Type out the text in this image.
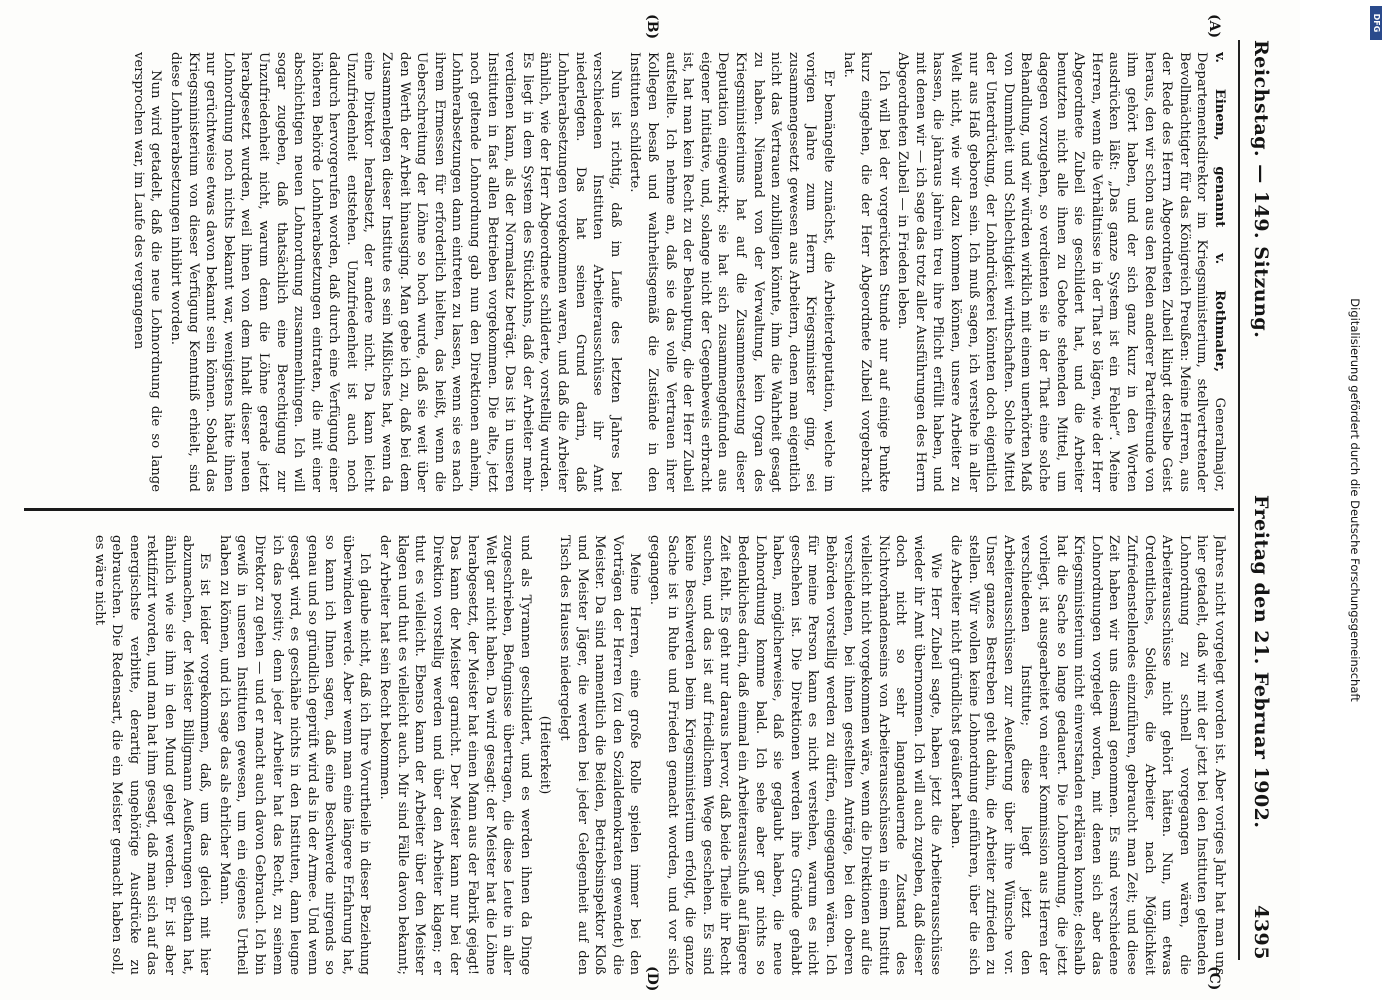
Reichstag. — 149. Sitzung.
Freitag den 21. Februar 1902.
4395
(A)
(B)
(C)
(D)

v. Einem, genannt v. Rothmaler, Generalmajor, Departementsdirektor im Kriegsministerium, stellvertretender Bevollmächtigter für das Königreich Preußen: Meine Herren, aus der Rede des Herrn Abgeordneten Zubeil klingt derselbe Geist heraus, den wir schon aus den Reden anderer Parteifreunde von ihm gehört haben, und der sich ganz kurz in den Worten ausdrücken läßt: „Das ganze System ist ein Fehler“. Meine Herren, wenn die Verhältnisse in der That so lägen, wie der Herr Abgeordnete Zubeil sie geschildert hat, und die Arbeiter benutzten nicht alle ihnen zu Gebote stehenden Mittel, um dagegen vorzugehen, so verdienten sie in der That eine solche Behandlung, und wir würden wirklich mit einem unerhörten Maß von Dummheit und Schlechtigkeit wirthschaften. Solche Mittel der Unterdrückung, der Lohndrückerei könnten doch eigentlich nur aus Haß geboren sein. Ich muß sagen, ich verstehe in aller Welt nicht, wie wir dazu kommen können, unsere Arbeiter zu hassen, die jahraus jahrein treu ihre Pflicht erfüllt haben, und mit denen wir — ich sage das trotz aller Ausführungen des Herrn Abgeordneten Zubeil — in Frieden leben.

Ich will bei der vorgerückten Stunde nur auf einige Punkte kurz eingehen, die der Herr Abgeordnete Zubeil vorgebracht hat.

Er bemängelte zunächst, die Arbeiterdeputation, welche im vorigen Jahre zum Herrn Kriegsminister ging, sei zusammengesetzt gewesen aus Arbeitern, denen man eigentlich nicht das Vertrauen zubilligen könnte, ihm die Wahrheit gesagt zu haben. Niemand von der Verwaltung, kein Organ des Kriegsministeriums hat auf die Zusammensetzung dieser Deputation eingewirkt; sie hat sich zusammengefunden aus eigener Initiative, und, solange nicht der Gegenbeweis erbracht ist, hat man kein Recht zu der Behauptung, die der Herr Zubeil aufstellte. Ich nehme an, daß sie das volle Vertrauen ihrer Kollegen besaß und wahrheitsgemäß die Zustände in den Instituten schilderte.

Nun ist richtig, daß im Laufe des letzten Jahres bei verschiedenen Instituten Arbeiterausschüsse ihr Amt niederlegten. Das hat seinen Grund darin, daß Lohnherabsetzungen vorgekommen waren, und daß die Arbeiter ähnlich, wie der Herr Abgeordnete schilderte, vorstellig wurden. Es liegt in dem System des Stücklohns, daß der Arbeiter mehr verdienen kann, als der Normalsatz beträgt. Das ist in unseren Instituten in fast allen Betrieben vorgekommen. Die alte, jetzt noch geltende Lohnordnung gab nun den Direktionen anheim, Lohnherabsetzungen dann eintreten zu lassen, wenn sie es nach ihrem Ermessen für erforderlich hielten, das heißt, wenn die Ueberschreitung der Löhne so hoch wurde, daß sie weit über den Werth der Arbeit hinausging. Man gebe ich zu, daß bei dem Zusammenlegen dieser Institute es sein Mißliches hat, wenn da eine Direktor herabsetzt, der andere nicht. Da kann leicht Unzufriedenheit entstehen. Unzufriedenheit ist auch noch dadurch hervorgerufen worden, daß durch eine Verfügung einer höheren Behörde Lohnherabsetzungen eintraten, die mit einer abschichtigen neuen Lohnordnung zusammenhingen. Ich will sogar zugeben, daß thatsächlich eine Berechtigung zur Unzufriedenheit nicht, warum denn die Löhne gerade jetzt herabgesetzt wurden, weil ihnen von dem Inhalt dieser neuen Lohnordnung noch nichts bekannt war, wenigstens hätte ihnen nur gerüchtweise etwas davon bekannt sein können. Sobald das Kriegsministerium von dieser Verfügung Kenntniß erhielt, sind diese Lohnherabsetzungen inhibirt worden.

Nun wird getadelt, daß die neue Lohnordnung die so lange versprochen war, im Laufe des vergangenen

Jahres nicht vorgelegt worden ist. Aber voriges Jahr hat man uns hier getadelt, daß wir mit der jetzt bei den Instituten geltenden Lohnordnung zu schnell vorgegangen wären, die Arbeiterausschüsse nicht gehört hätten. Nun, um etwas Ordentliches, Solides, die Arbeiter nach Möglichkeit Zufriedenstellendes einzuführen, gebraucht man Zeit; und diese Zeit haben wir uns diesmal genommen. Es sind verschiedene Lohnordnungen vorgelegt worden, mit denen sich aber das Kriegsministerium nicht einverstanden erklären konnte; deshalb hat die Sache so lange gedauert. Die Lohnordnung, die jetzt vorliegt, ist ausgearbeitet von einer Kommission aus Herren der verschiedenen Institute; diese liegt jetzt den Arbeiterausschüssen zur Aeußerung über ihre Wünsche vor. Unser ganzes Bestreben geht dahin, die Arbeiter zufrieden zu stellen. Wir wollen keine Lohnordnung einführen, über die sich die Arbeiter nicht gründlichst geäußert haben.

Wie Herr Zubeil sagte, haben jetzt die Arbeiterausschüsse wieder ihr Amt übernommen. Ich will auch zugeben, daß dieser doch nicht so sehr langandauernde Zustand des Nichtvorhandenseins von Arbeiterausschüssen in einem Institut vielleicht nicht vorgekommen wäre, wenn die Direktionen auf die verschiedenen, bei ihnen gestellten Anträge, bei den oberen Behörden vorstellig werden zu dürfen, eingegangen wären. Ich für meine Person kann es nicht verstehen, warum es nicht geschehen ist. Die Direktionen werden ihre Gründe gehabt haben, möglicherweise, daß sie geglaubt haben, die neue Lohnordnung komme bald. Ich sehe aber gar nichts so Bedenkliches darin, daß einmal ein Arbeiterausschuß auf längere Zeit fehlt. Es geht nur daraus hervor, daß beide Theile ihr Recht suchen, und das ist auf friedlichem Wege geschehen. Es sind keine Beschwerden beim Kriegsministerium erfolgt, die ganze Sache ist in Ruhe und Frieden gemacht worden, und vor sich gegangen.

Meine Herren, eine große Rolle spielen immer bei den Vorträgen der Herren (zu den Sozialdemokraten gewendet) die Meister. Da sind namentlich die Beiden, Betriebsinspektor Kloß und Meister Jäger, die werden bei jeder Gelegenheit auf den Tisch des Hauses niedergelegt

(Heiterkeit)

und als Tyrannen geschildert, und es werden ihnen da Dinge zugeschrieben, Befugnisse übertragen, die diese Leute in aller Welt gar nicht haben. Da wird gesagt: der Meister hat die Löhne herabgesetzt, der Meister hat einen Mann aus der Fabrik gejagt! Das kann der Meister garnicht. Der Meister kann nur bei der Direktion vorstellig werden und über den Arbeiter klagen; er thut es vielleicht. Ebenso kann der Arbeiter über den Meister klagen und thut es vielleicht auch. Mir sind Fälle davon bekannt; der Arbeiter hat sein Recht bekommen.

Ich glaube nicht, daß ich Ihre Vorurtheile in dieser Beziehung überwinden werde. Aber wenn man eine längere Erfahrung hat, so kann ich Ihnen sagen, daß eine Beschwerde nirgends so genau und so gründlich geprüft wird als in der Armee. Und wenn gesagt wird, es geschähe nichts in den Instituten, dann leugne ich das positiv; denn jeder Arbeiter hat das Recht, zu seinem Direktor zu gehen — und er macht auch davon Gebrauch. Ich bin gewiß in unseren Instituten gewesen, um ein eigenes Urtheil haben zu können, und ich sage das als ehrlicher Mann.

Es ist leider vorgekommen, daß, um das gleich mit hier abzumachen, der Meister Billigmann Aeußerungen gethan hat, ähnlich wie sie ihm in den Mund gelegt werden. Er ist aber rektifizirt worden, und man hat ihm gesagt, daß man sich auf das energischste verbitte, derartig ungehörige Ausdrücke zu gebrauchen. Die Redensart, die ein Meister gemacht haben soll, es wäre nicht	Digitalisierung gefördert durch die Deutsche Forschungsgemeinschaft
DFG
